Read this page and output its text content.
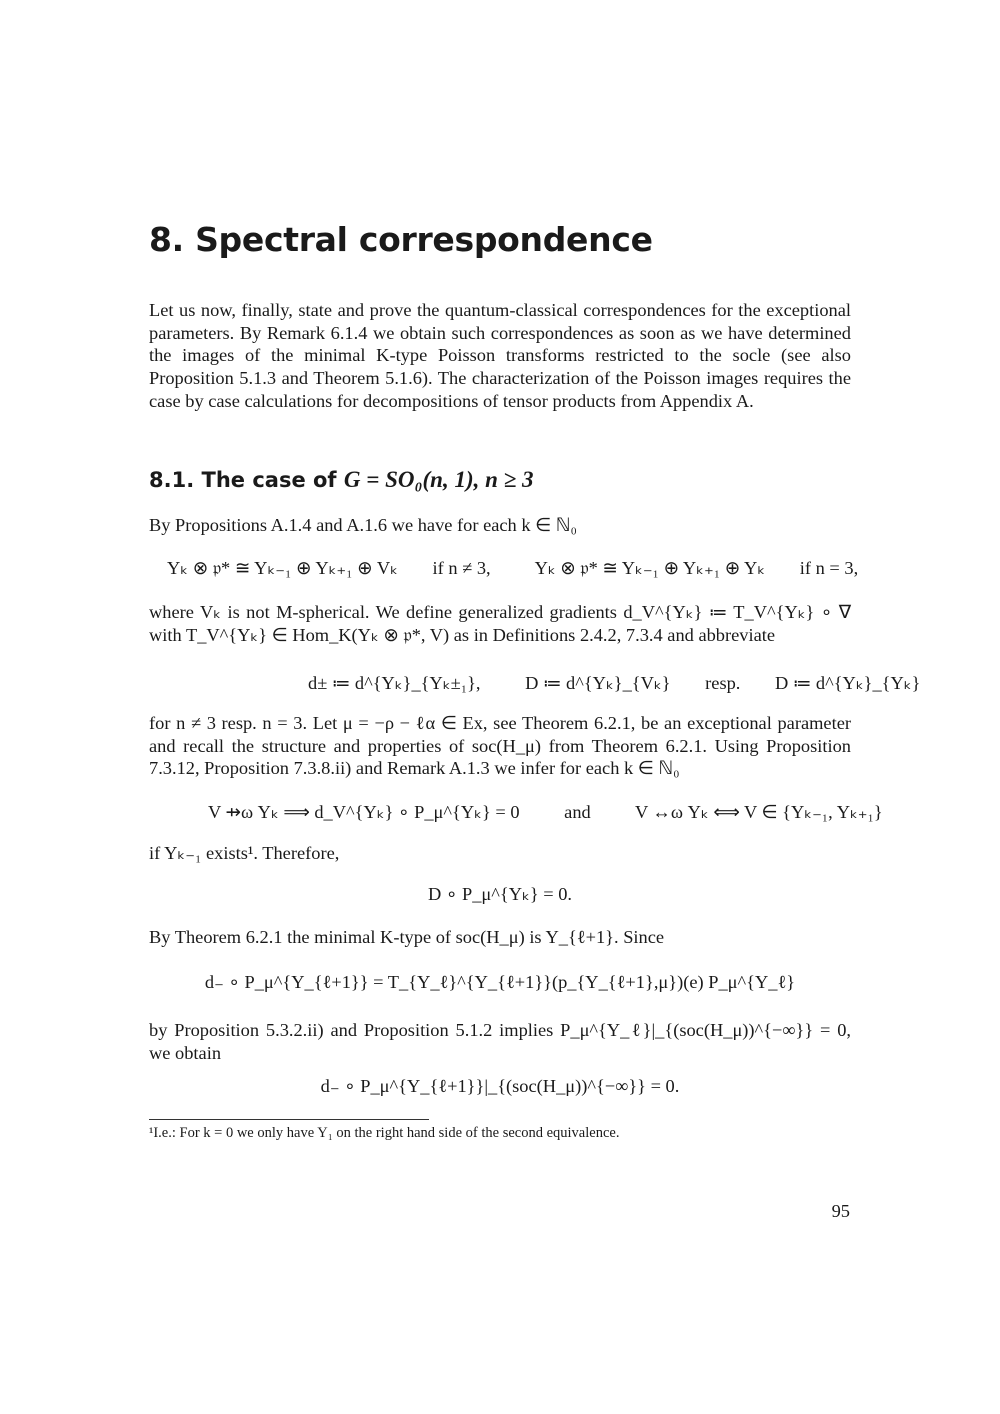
8. Spectral correspondence

Let us now, finally, state and prove the quantum-classical correspondences for the exceptional parameters. By Remark 6.1.4 we obtain such correspondences as soon as we have determined the images of the minimal K-type Poisson transforms restricted to the socle (see also Proposition 5.1.3 and Theorem 5.1.6). The characterization of the Poisson images requires the case by case calculations for decompositions of tensor products from Appendix A.

8.1. The case of G = SO₀(n, 1), n ≥ 3

By Propositions A.1.4 and A.1.6 we have for each k ∈ ℕ₀

Yₖ ⊗ 𝔭* ≅ Yₖ₋₁ ⊕ Yₖ₊₁ ⊕ Vₖ if n ≠ 3, Yₖ ⊗ 𝔭* ≅ Yₖ₋₁ ⊕ Yₖ₊₁ ⊕ Yₖ if n = 3,

where Vₖ is not M-spherical. We define generalized gradients d_V^{Yₖ} ≔ T_V^{Yₖ} ∘ ∇ with T_V^{Yₖ} ∈ Hom_K(Yₖ ⊗ 𝔭*, V) as in Definitions 2.4.2, 7.3.4 and abbreviate

d± ≔ d^{Yₖ}_{Yₖ±₁}, D ≔ d^{Yₖ}_{Vₖ} resp. D ≔ d^{Yₖ}_{Yₖ}

for n ≠ 3 resp. n = 3. Let μ = −ρ − ℓα ∈ Ex, see Theorem 6.2.1, be an exceptional parameter and recall the structure and properties of soc(H_μ) from Theorem 6.2.1. Using Proposition 7.3.12, Proposition 7.3.8.ii) and Remark A.1.3 we infer for each k ∈ ℕ₀

V ⇸ω Yₖ ⟹ d_V^{Yₖ} ∘ P_μ^{Yₖ} = 0 and V ↔ω Yₖ ⟺ V ∈ {Yₖ₋₁, Yₖ₊₁}

if Yₖ₋₁ exists¹. Therefore,

D ∘ P_μ^{Yₖ} = 0.

By Theorem 6.2.1 the minimal K-type of soc(H_μ) is Y_{ℓ+1}. Since

d₋ ∘ P_μ^{Y_{ℓ+1}} = T_{Y_ℓ}^{Y_{ℓ+1}}(p_{Y_{ℓ+1},μ})(e) P_μ^{Y_ℓ}

by Proposition 5.3.2.ii) and Proposition 5.1.2 implies P_μ^{Y_ℓ}|_{(soc(H_μ))^{−∞}} = 0, we obtain

d₋ ∘ P_μ^{Y_{ℓ+1}}|_{(soc(H_μ))^{−∞}} = 0.

¹I.e.: For k = 0 we only have Y₁ on the right hand side of the second equivalence.

95
